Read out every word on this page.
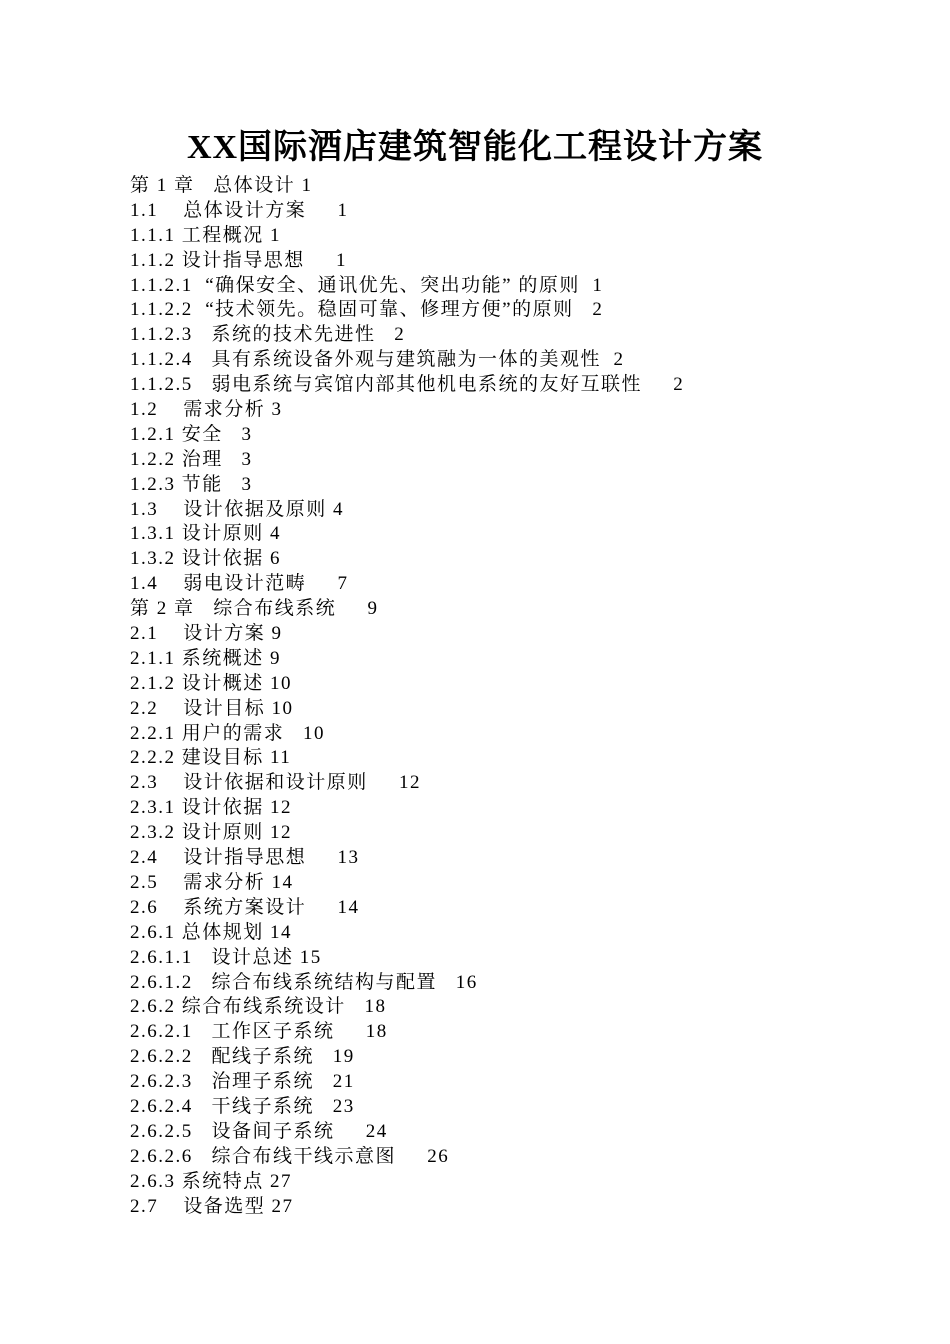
XX国际酒店建筑智能化工程设计方案
第 1 章   总体设计 1
1.1    总体设计方案     1
1.1.1 工程概况 1
1.1.2 设计指导思想     1
1.1.2.1  “确保安全、通讯优先、突出功能” 的原则  1
1.1.2.2  “技术领先。稳固可靠、修理方便”的原则   2
1.1.2.3   系统的技术先进性   2
1.1.2.4   具有系统设备外观与建筑融为一体的美观性  2
1.1.2.5   弱电系统与宾馆内部其他机电系统的友好互联性     2
1.2    需求分析 3
1.2.1 安全   3
1.2.2 治理   3
1.2.3 节能   3
1.3    设计依据及原则 4
1.3.1 设计原则 4
1.3.2 设计依据 6
1.4    弱电设计范畴     7
第 2 章   综合布线系统     9
2.1    设计方案 9
2.1.1 系统概述 9
2.1.2 设计概述 10
2.2    设计目标 10
2.2.1 用户的需求   10
2.2.2 建设目标 11
2.3    设计依据和设计原则     12
2.3.1 设计依据 12
2.3.2 设计原则 12
2.4    设计指导思想     13
2.5    需求分析 14
2.6    系统方案设计     14
2.6.1 总体规划 14
2.6.1.1   设计总述 15
2.6.1.2   综合布线系统结构与配置   16
2.6.2 综合布线系统设计   18
2.6.2.1   工作区子系统     18
2.6.2.2   配线子系统   19
2.6.2.3   治理子系统   21
2.6.2.4   干线子系统   23
2.6.2.5   设备间子系统     24
2.6.2.6   综合布线干线示意图     26
2.6.3 系统特点 27
2.7    设备选型 27
